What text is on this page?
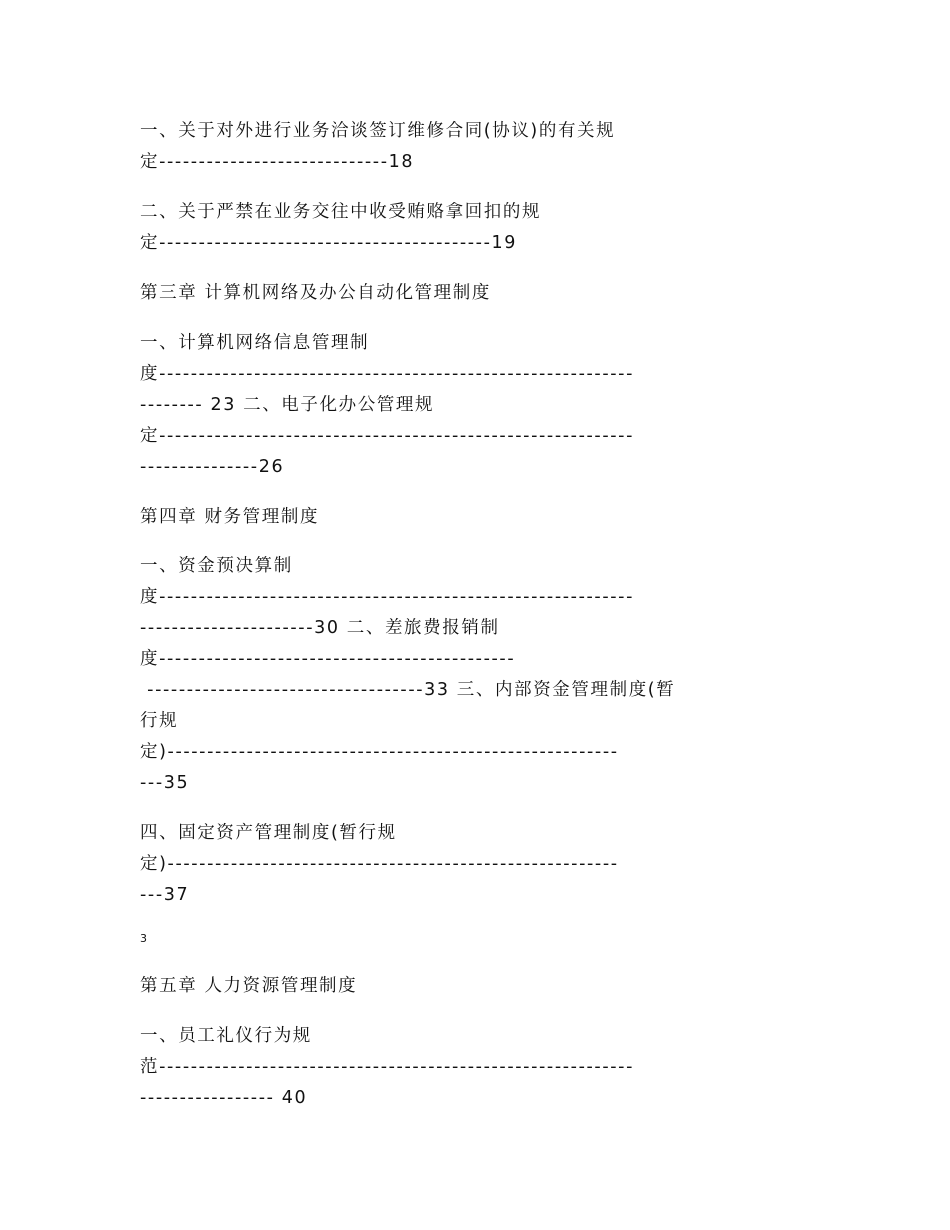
一、关于对外进行业务洽谈签订维修合同(协议)的有关规
定-----------------------------18
二、关于严禁在业务交往中收受贿赂拿回扣的规
定------------------------------------------19
第三章 计算机网络及办公自动化管理制度
一、计算机网络信息管理制
度------------------------------------------------------------
-------- 23 二、电子化办公管理规
定------------------------------------------------------------
---------------26
第四章 财务管理制度
一、资金预决算制
度------------------------------------------------------------
----------------------30 二、差旅费报销制
度---------------------------------------------
-----------------------------------33 三、内部资金管理制度(暂
行规
定)---------------------------------------------------------
---35
四、固定资产管理制度(暂行规
定)---------------------------------------------------------
---37
3
第五章 人力资源管理制度
一、员工礼仪行为规
范------------------------------------------------------------
----------------- 40
